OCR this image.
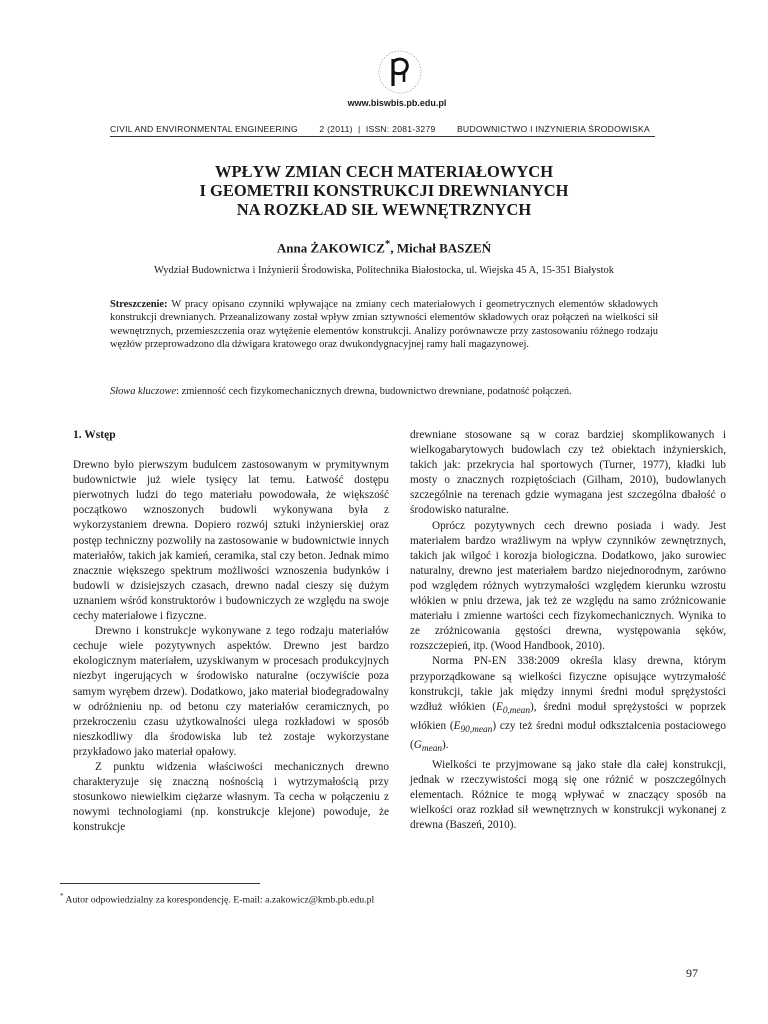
www.biswbis.pb.edu.pl
CIVIL AND ENVIRONMENTAL ENGINEERING 2 (2011)  |  ISSN: 2081-3279 BUDOWNICTWO I INŻYNIERIA ŚRODOWISKA
WPŁYW ZMIAN CECH MATERIAŁOWYCH
I GEOMETRII KONSTRUKCJI DREWNIANYCH
NA ROZKŁAD SIŁ WEWNĘTRZNYCH
Anna ŻAKOWICZ*, Michał BASZEŃ
Wydział Budownictwa i Inżynierii Środowiska, Politechnika Białostocka, ul. Wiejska 45 A, 15-351 Białystok
Streszczenie: W pracy opisano czynniki wpływające na zmiany cech materiałowych i geometrycznych elementów składowych konstrukcji drewnianych. Przeanalizowany został wpływ zmian sztywności elementów składowych oraz połączeń na wielkości sił wewnętrznych, przemieszczenia oraz wytężenie elementów konstrukcji. Analizy porównawcze przy zastosowaniu różnego rodzaju węzłów przeprowadzono dla dźwigara kratowego oraz dwukondygnacyjnej ramy hali magazynowej.
Słowa kluczowe: zmienność cech fizykomechanicznych drewna, budownictwo drewniane, podatność połączeń.
1. Wstęp

Drewno było pierwszym budulcem zastosowanym w prymitywnym budownictwie już wiele tysięcy lat temu. Łatwość dostępu pierwotnych ludzi do tego materiału powodowała, że większość początkowo wznoszonych budowli wykonywana była z wykorzystaniem drewna. Dopiero rozwój sztuki inżynierskiej oraz postęp techniczny pozwoliły na zastosowanie w budownictwie innych materiałów, takich jak kamień, ceramika, stal czy beton. Jednak mimo znacznie większego spektrum możliwości wznoszenia budynków i budowli w dzisiejszych czasach, drewno nadal cieszy się dużym uznaniem wśród konstruktorów i budowniczych ze względu na swoje cechy materiałowe i fizyczne.

Drewno i konstrukcje wykonywane z tego rodzaju materiałów cechuje wiele pozytywnych aspektów. Drewno jest bardzo ekologicznym materiałem, uzyskiwanym w procesach produkcyjnych niezbyt ingerujących w środowisko naturalne (oczywiście poza samym wyrębem drzew). Dodatkowo, jako materiał biodegradowalny w odróżnieniu np. od betonu czy materiałów ceramicznych, po przekroczeniu czasu użytkowalności ulega rozkładowi w sposób nieszkodliwy dla środowiska lub też zostaje wykorzystane przykładowo jako materiał opałowy.

Z punktu widzenia właściwości mechanicznych drewno charakteryzuje się znaczną nośnością i wytrzymałością przy stosunkowo niewielkim ciężarze własnym. Ta cecha w połączeniu z nowymi technologiami (np. konstrukcje klejone) powoduje, że konstrukcje

drewniane stosowane są w coraz bardziej skomplikowanych i wielkogabarytowych budowlach czy też obiektach inżynierskich, takich jak: przekrycia hal sportowych (Turner, 1977), kładki lub mosty o znacznych rozpiętościach (Gilham, 2010), budowlanych szczególnie na terenach gdzie wymagana jest szczególna dbałość o środowisko naturalne.

Oprócz pozytywnych cech drewno posiada i wady. Jest materiałem bardzo wrażliwym na wpływ czynników zewnętrznych, takich jak wilgoć i korozja biologiczna. Dodatkowo, jako surowiec naturalny, drewno jest materiałem bardzo niejednorodnym, zarówno pod względem różnych wytrzymałości względem kierunku wzrostu włókien w pniu drzewa, jak też ze względu na samo zróżnicowanie materiału i zmienne wartości cech fizykomechanicznych. Wynika to ze zróżnicowania gęstości drewna, występowania sęków, rozszczepień, itp. (Wood Handbook, 2010).

Norma PN-EN 338:2009 określa klasy drewna, którym przyporządkowane są wielkości fizyczne opisujące wytrzymałość konstrukcji, takie jak między innymi średni moduł sprężystości wzdłuż włókien $(E_{0,mean})$, średni moduł sprężystości w poprzek włókien $(E_{90,mean})$ czy też średni moduł odkształcenia postaciowego $(G_{mean})$.

Wielkości te przyjmowane są jako stałe dla całej konstrukcji, jednak w rzeczywistości mogą się one różnić w poszczególnych elementach. Różnice te mogą wpływać w znaczący sposób na wielkości oraz rozkład sił wewnętrznych w konstrukcji wykonanej z drewna (Baszeń, 2010).

* Autor odpowiedzialny za korespondencję. E-mail: a.zakowicz@kmb.pb.edu.pl
97
